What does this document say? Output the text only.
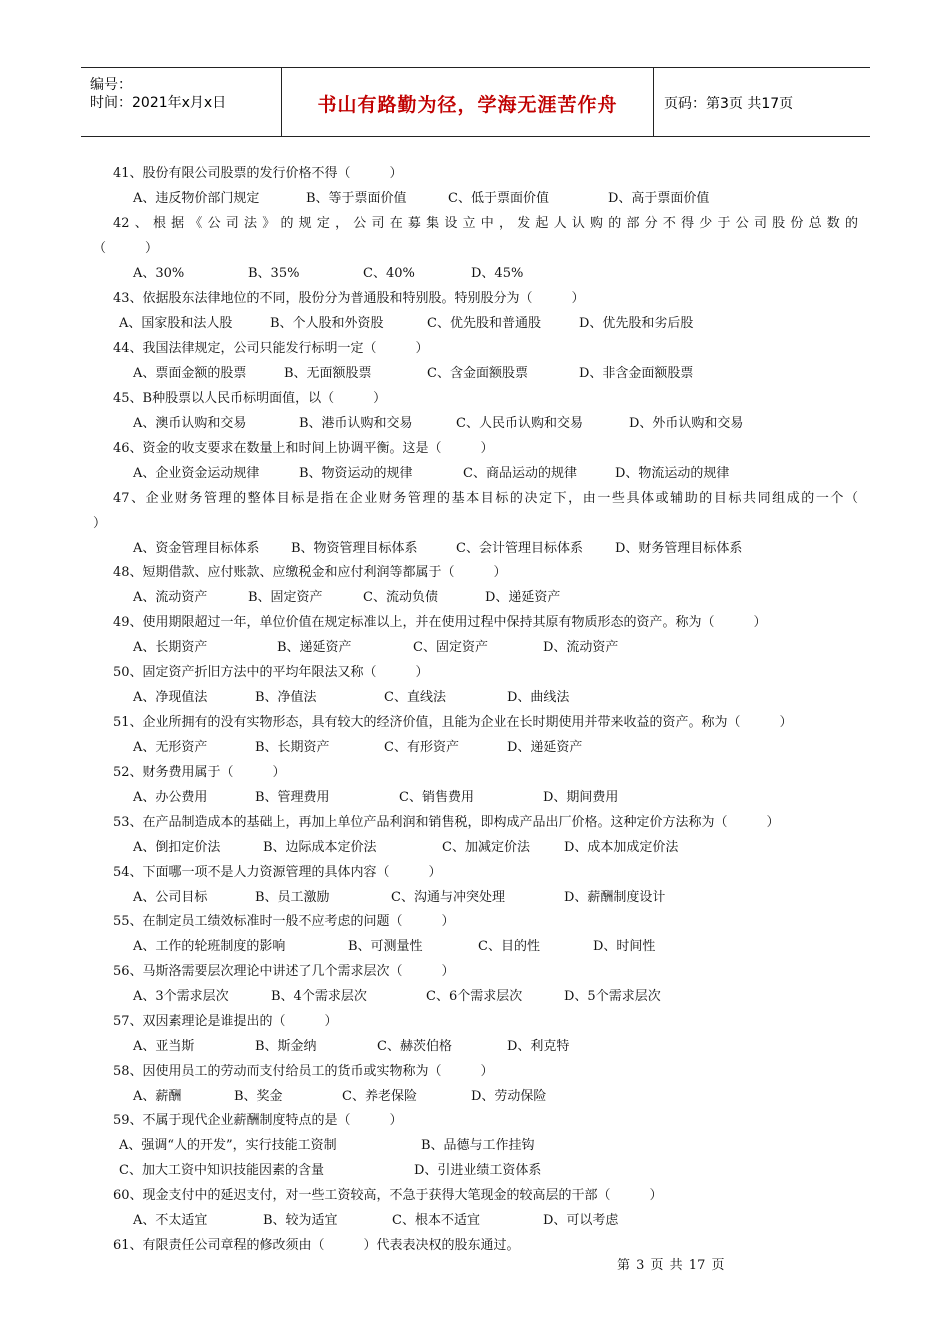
编号：
时间：2021年x月x日	书山有路勤为径，学海无涯苦作舟	页码：第3页 共17页
41、股份有限公司股票的发行价格不得（　　　）
A、违反物价部门规定	B、等于票面价值	C、低于票面价值	D、高于票面价值
42、根据《公司法》的规定，公司在募集设立中，发起人认购的部分不得少于公司股份总数的
（　　　）
A、30%	B、35%	C、40%	D、45%
43、依据股东法律地位的不同，股份分为普通股和特别股。特别股分为（　　　）
A、国家股和法人股	B、个人股和外资股	C、优先股和普通股	D、优先股和劣后股
44、我国法律规定，公司只能发行标明一定（　　　）
A、票面金额的股票	B、无面额股票	C、含金面额股票	D、非含金面额股票
45、B种股票以人民币标明面值，以（　　　）
A、澳币认购和交易	B、港币认购和交易	C、人民币认购和交易	D、外币认购和交易
46、资金的收支要求在数量上和时间上协调平衡。这是（　　　）
A、企业资金运动规律	B、物资运动的规律	C、商品运动的规律	D、物流运动的规律
47、企业财务管理的整体目标是指在企业财务管理的基本目标的决定下，由一些具体或辅助的目标共同组成的一个（
）
A、资金管理目标体系 B、物资管理目标体系	C、会计管理目标体系 D、财务管理目标体系
48、短期借款、应付账款、应缴税金和应付利润等都属于（　　　）
A、流动资产	B、固定资产	C、流动负债	D、递延资产
49、使用期限超过一年，单位价值在规定标准以上，并在使用过程中保持其原有物质形态的资产。称为（　　　）
A、长期资产	B、递延资产	C、固定资产	D、流动资产
50、固定资产折旧方法中的平均年限法又称（　　　）
A、净现值法	B、净值法	C、直线法	D、曲线法
51、企业所拥有的没有实物形态，具有较大的经济价值，且能为企业在长时期使用并带来收益的资产。称为（　　　）
A、无形资产	B、长期资产	C、有形资产	D、递延资产
52、财务费用属于（　　　）
A、办公费用	B、管理费用	C、销售费用	D、期间费用
53、在产品制造成本的基础上，再加上单位产品利润和销售税，即构成产品出厂价格。这种定价方法称为（　　　）
A、倒扣定价法	B、边际成本定价法	C、加减定价法	D、成本加成定价法
54、下面哪一项不是人力资源管理的具体内容（　　　）
A、公司目标	B、员工激励	C、沟通与冲突处理	D、薪酬制度设计
55、在制定员工绩效标准时一般不应考虑的问题（　　　）
A、工作的轮班制度的影响	B、可测量性	C、目的性	D、时间性
56、马斯洛需要层次理论中讲述了几个需求层次（　　　）
A、3个需求层次	B、4个需求层次	C、6个需求层次	D、5个需求层次
57、双因素理论是谁提出的（　　　）
A、亚当斯	B、斯金纳	C、赫茨伯格	D、利克特
58、因使用员工的劳动而支付给员工的货币或实物称为（　　　）
A、薪酬	B、奖金	C、养老保险	D、劳动保险
59、不属于现代企业薪酬制度特点的是（　　　）
A、强调“人的开发”，实行技能工资制	B、品德与工作挂钩
C、加大工资中知识技能因素的含量	D、引进业绩工资体系
60、现金支付中的延迟支付，对一些工资较高，不急于获得大笔现金的较高层的干部（　　　）
A、不太适宜	B、较为适宜	C、根本不适宜	D、可以考虑
61、有限责任公司章程的修改须由（　　　）代表表决权的股东通过。
第 3 页 共 17 页
